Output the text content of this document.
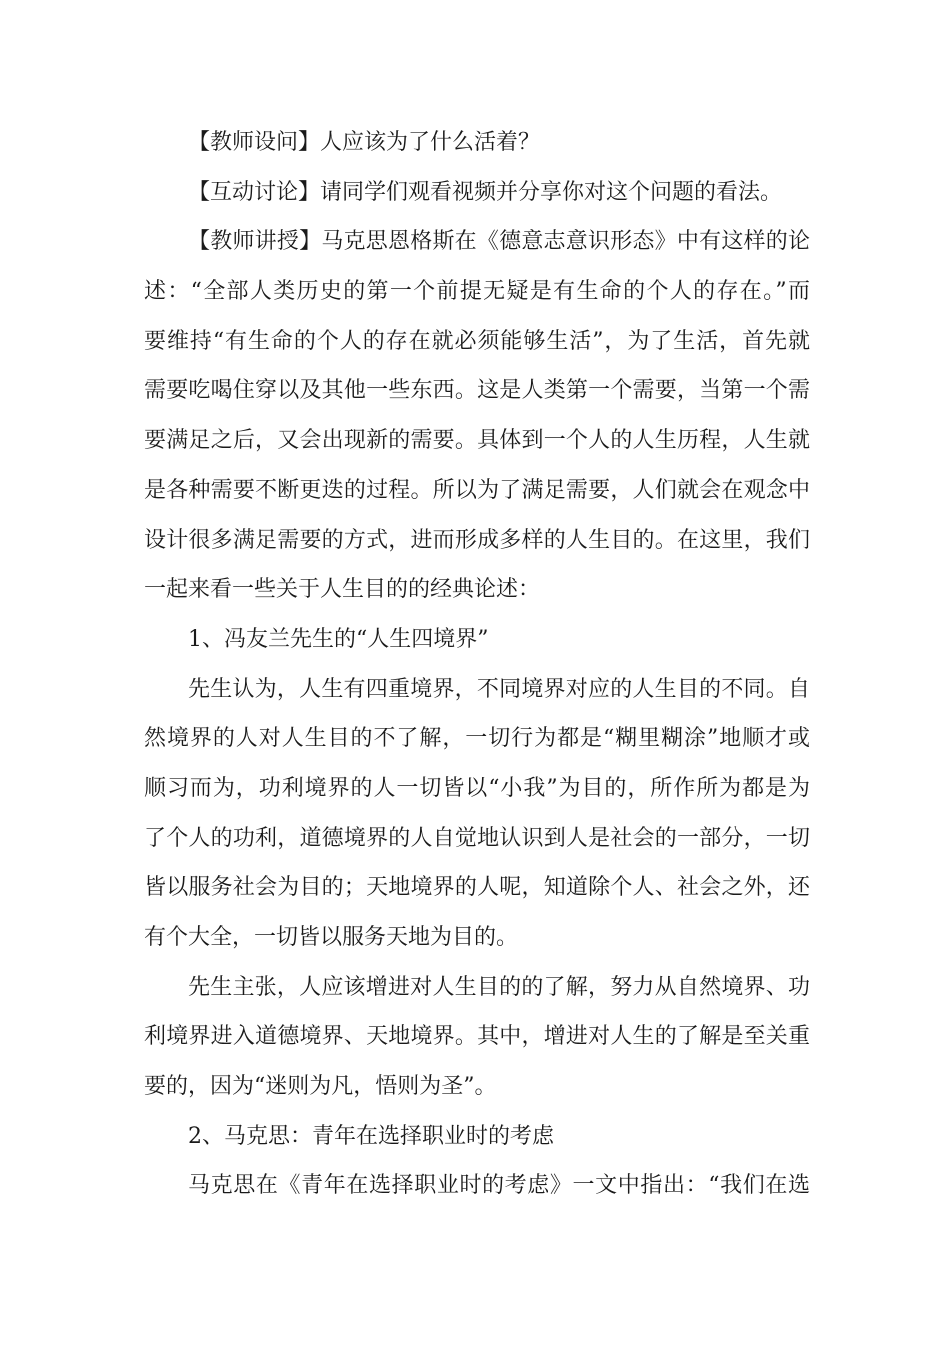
【教师设问】人应该为了什么活着？
【互动讨论】请同学们观看视频并分享你对这个问题的看法。
【教师讲授】马克思恩格斯在《德意志意识形态》中有这样的论
述：“全部人类历史的第一个前提无疑是有生命的个人的存在。”而
要维持“有生命的个人的存在就必须能够生活”，为了生活，首先就
需要吃喝住穿以及其他一些东西。这是人类第一个需要，当第一个需
要满足之后，又会出现新的需要。具体到一个人的人生历程，人生就
是各种需要不断更迭的过程。所以为了满足需要，人们就会在观念中
设计很多满足需要的方式，进而形成多样的人生目的。在这里，我们
一起来看一些关于人生目的的经典论述：
1、冯友兰先生的“人生四境界”
先生认为，人生有四重境界，不同境界对应的人生目的不同。自
然境界的人对人生目的不了解，一切行为都是“糊里糊涂”地顺才或
顺习而为，功利境界的人一切皆以“小我”为目的，所作所为都是为
了个人的功利，道德境界的人自觉地认识到人是社会的一部分，一切
皆以服务社会为目的；天地境界的人呢，知道除个人、社会之外，还
有个大全，一切皆以服务天地为目的。
先生主张，人应该增进对人生目的的了解，努力从自然境界、功
利境界进入道德境界、天地境界。其中，增进对人生的了解是至关重
要的，因为“迷则为凡，悟则为圣”。
2、马克思：青年在选择职业时的考虑
马克思在《青年在选择职业时的考虑》一文中指出：“我们在选
